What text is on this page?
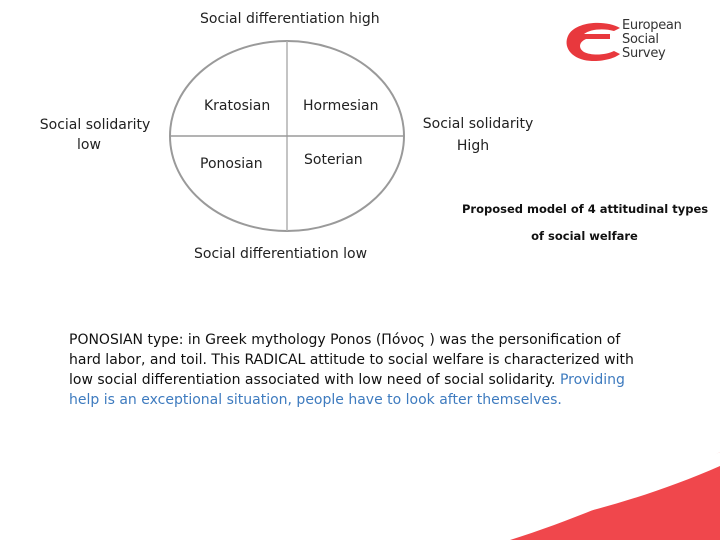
Social differentiation high
Social differentiation low
Social solidarity
low
Social solidarity
High
Kratosian Hormesian
Ponosian	Soterian
Proposed model of 4 attitudinal types
of social welfare
European
Social
Survey
PONOSIAN type: in Greek mythology Ponos (Πόνος ) was the personification of
hard labor, and toil. This RADICAL attitude to social welfare is characterized with
low social differentiation associated with low need of social solidarity. Providing
help is an exceptional situation, people have to look after themselves.
